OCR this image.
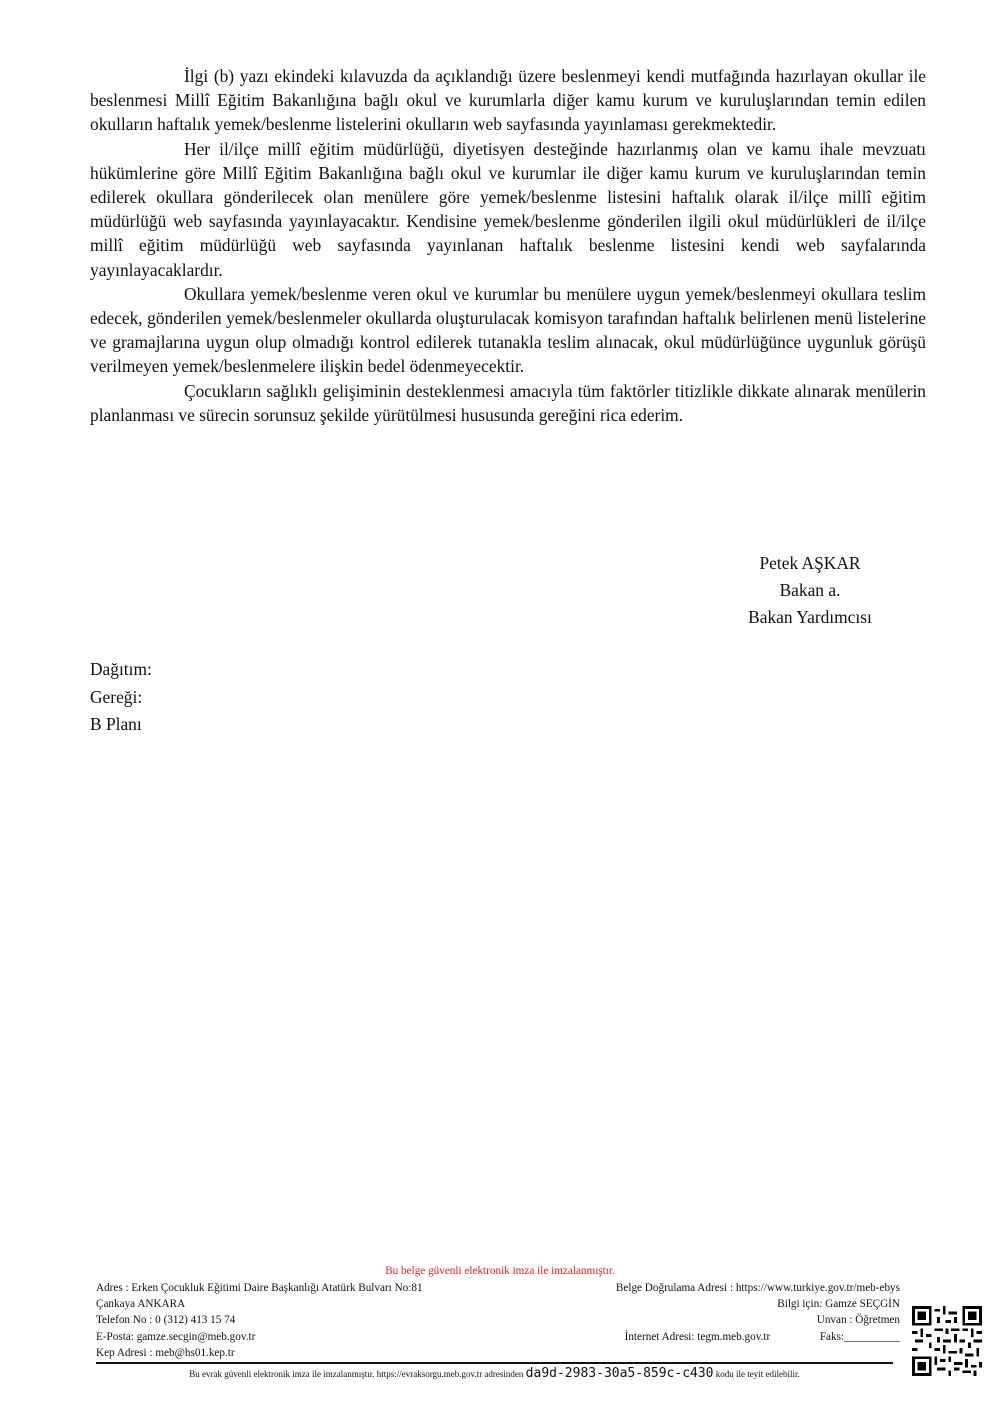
İlgi (b) yazı ekindeki kılavuzda da açıklandığı üzere beslenmeyi kendi mutfağında hazırlayan okullar ile beslenmesi Millî Eğitim Bakanlığına bağlı okul ve kurumlarla diğer kamu kurum ve kuruluşlarından temin edilen okulların haftalık yemek/beslenme listelerini okulların web sayfasında yayınlaması gerekmektedir.

Her il/ilçe millî eğitim müdürlüğü, diyetisyen desteğinde hazırlanmış olan ve kamu ihale mevzuatı hükümlerine göre Millî Eğitim Bakanlığına bağlı okul ve kurumlar ile diğer kamu kurum ve kuruluşlarından temin edilerek okullara gönderilecek olan menülere göre yemek/beslenme listesini haftalık olarak il/ilçe millî eğitim müdürlüğü web sayfasında yayınlayacaktır. Kendisine yemek/beslenme gönderilen ilgili okul müdürlükleri de il/ilçe millî eğitim müdürlüğü web sayfasında yayınlanan haftalık beslenme listesini kendi web sayfalarında yayınlayacaklardır.

Okullara yemek/beslenme veren okul ve kurumlar bu menülere uygun yemek/beslenmeyi okullara teslim edecek, gönderilen yemek/beslenmeler okullarda oluşturulacak komisyon tarafından haftalık belirlenen menü listelerine ve gramajlarına uygun olup olmadığı kontrol edilerek tutanakla teslim alınacak, okul müdürlüğünce uygunluk görüşü verilmeyen yemek/beslenmelere ilişkin bedel ödenmeyecektir.

Çocukların sağlıklı gelişiminin desteklenmesi amacıyla tüm faktörler titizlikle dikkate alınarak menülerin planlanması ve sürecin sorunsuz şekilde yürütülmesi hususunda gereğini rica ederim.

Petek AŞKAR
Bakan a.
Bakan Yardımcısı
Dağıtım:
Gereği:
B Planı
Bu belge güvenli elektronik imza ile imzalanmıştır.
Adres : Erken Çocukluk Eğitimi Daire Başkanlığı Atatürk Bulvarı No:81
Çankaya ANKARA
Telefon No : 0 (312) 413 15 74
E-Posta: gamze.secgin@meb.gov.tr
Kep Adresi : meb@hs01.kep.tr
Belge Doğrulama Adresi : https://www.turkiye.gov.tr/meb-ebys
Bilgi için: Gamze SEÇGİN
Unvan : Öğretmen
İnternet Adresi: tegm.meb.gov.tr	Faks:__________
Bu evrak güvenli elektronik imza ile imzalanmıştır. https://evraksorgu.meb.gov.tr adresinden da9d-2983-30a5-859c-c430 kodu ile teyit edilebilir.
